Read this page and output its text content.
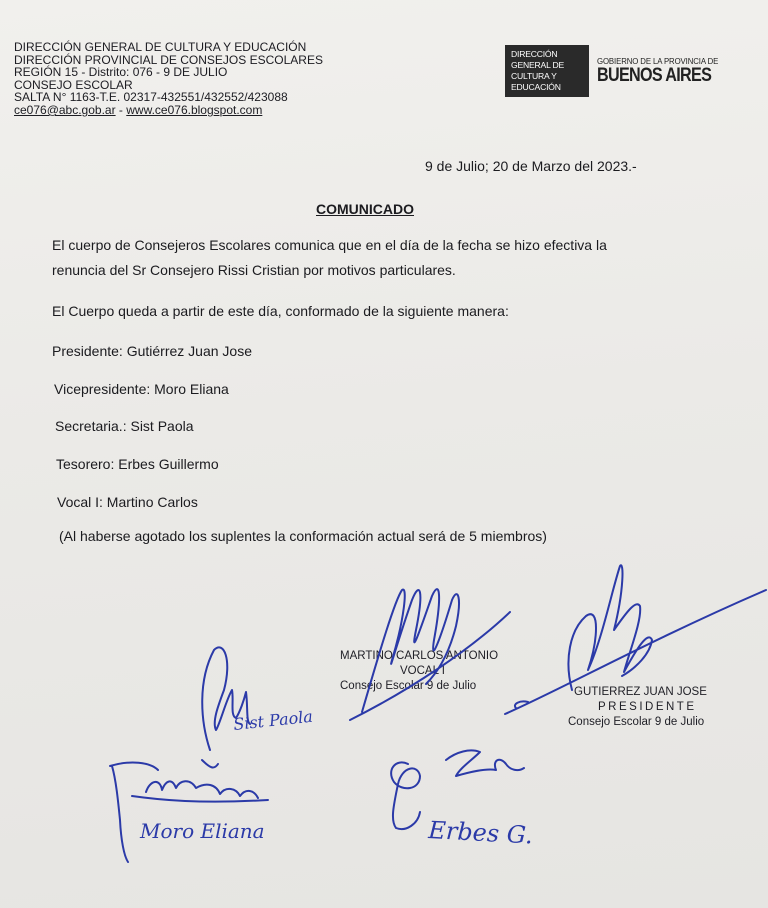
DIRECCIÓN GENERAL DE CULTURA Y EDUCACIÓN
DIRECCIÓN PROVINCIAL DE CONSEJOS ESCOLARES
REGIÓN 15 - Distrito: 076 - 9 DE JULIO
CONSEJO ESCOLAR
SALTA N° 1163-T.E. 02317-432551/432552/423088
ce076@abc.gob.ar - www.ce076.blogspot.com
DIRECCIÓN GENERAL DE
CULTURA Y EDUCACIÓN
GOBIERNO DE LA PROVINCIA DE
BUENOS AIRES
9 de Julio; 20 de Marzo del 2023.-
COMUNICADO
El cuerpo de Consejeros Escolares comunica que en el día de la fecha se hizo efectiva la
renuncia del Sr Consejero Rissi Cristian por motivos particulares.
El Cuerpo queda a partir de este día, conformado de la siguiente manera:
Presidente: Gutiérrez Juan Jose
Vicepresidente: Moro Eliana
Secretaria.: Sist Paola
Tesorero: Erbes Guillermo
Vocal I: Martino Carlos
(Al haberse agotado los suplentes la conformación actual será de 5 miembros)
MARTINO CARLOS ANTONIO
VOCAL I
Consejo Escolar 9 de Julio	GUTIERREZ JUAN JOSE
PRESIDENTE
Consejo Escolar 9 de Julio
Sist Paola
Moro Eliana	Erbes G.
